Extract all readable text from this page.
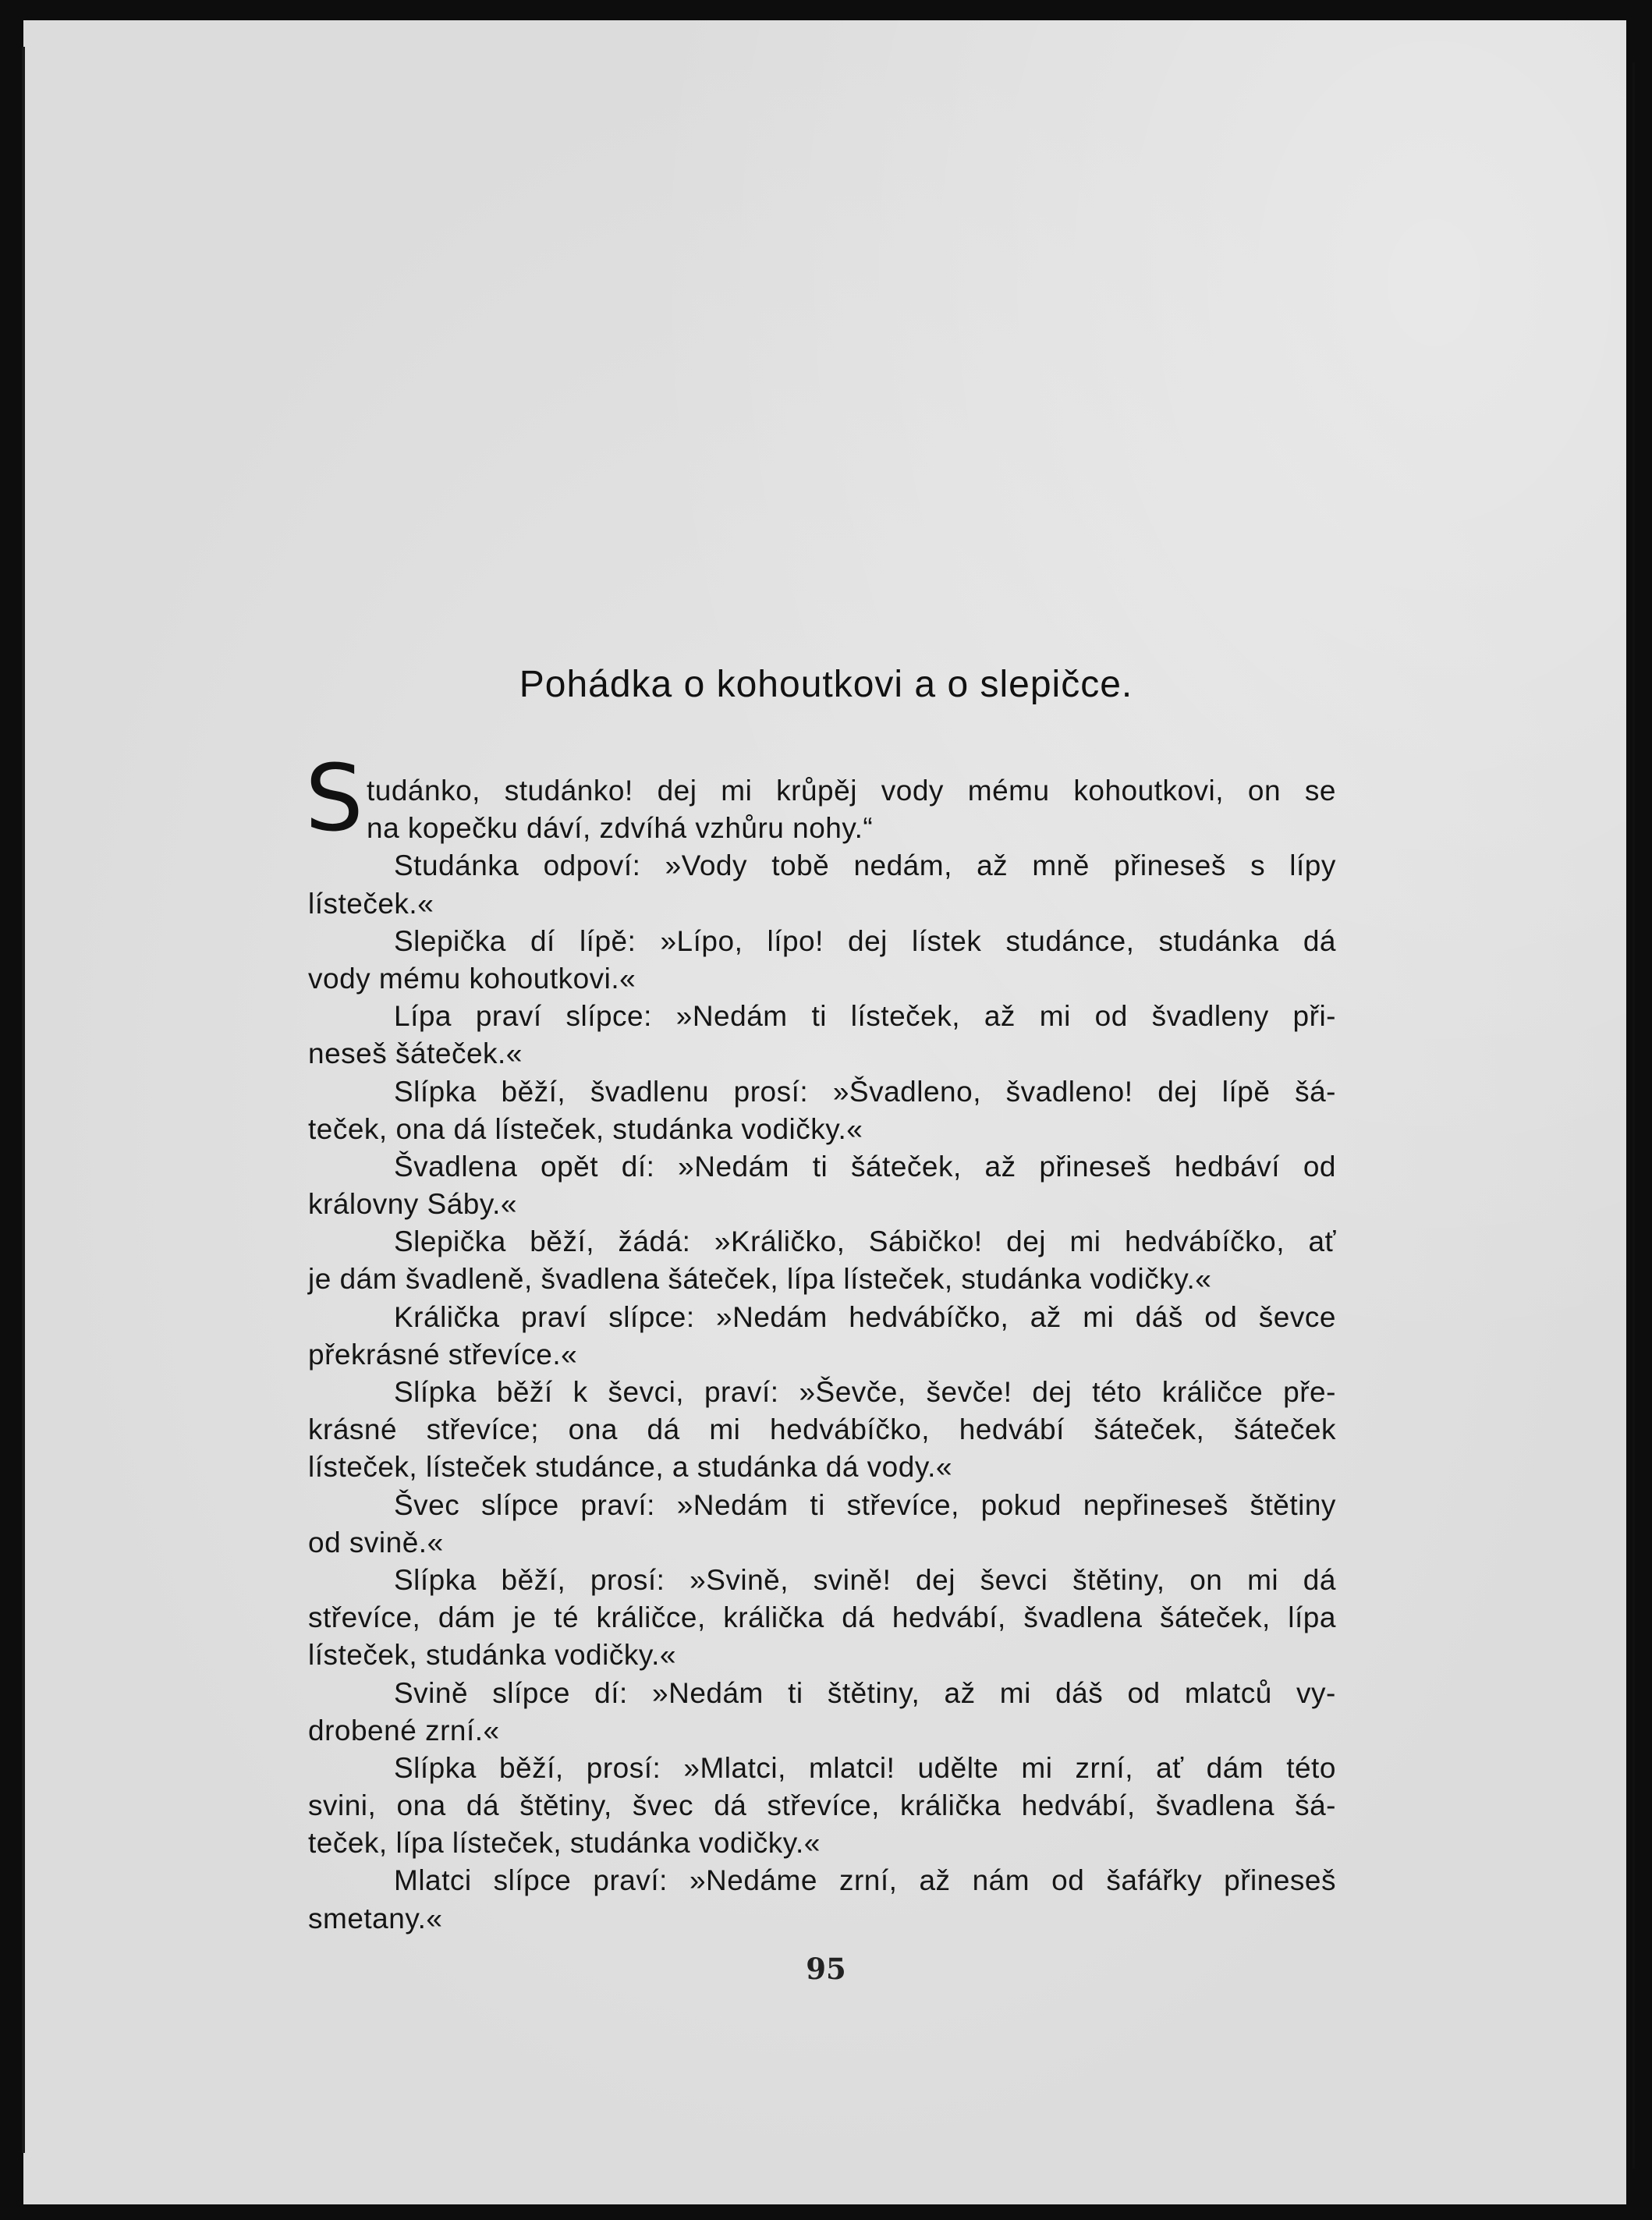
Pohádka o kohoutkovi a o slepičce.
S tudánko, studánko! dej mi krůpěj vody mému kohoutkovi, on se
na kopečku dáví, zdvíhá vzhůru nohy.“
Studánka odpoví: »Vody tobě nedám, až mně přineseš s lípy
lísteček.«
Slepička dí lípě: »Lípo, lípo! dej lístek studánce, studánka dá
vody mému kohoutkovi.«
Lípa praví slípce: »Nedám ti lísteček, až mi od švadleny při-
neseš šáteček.«
Slípka běží, švadlenu prosí: »Švadleno, švadleno! dej lípě šá-
teček, ona dá lísteček, studánka vodičky.«
Švadlena opět dí: »Nedám ti šáteček, až přineseš hedbáví od
královny Sáby.«
Slepička běží, žádá: »Králičko, Sábičko! dej mi hedvábíčko, ať
je dám švadleně, švadlena šáteček, lípa lísteček, studánka vodičky.«
Králička praví slípce: »Nedám hedvábíčko, až mi dáš od ševce
překrásné střevíce.«
Slípka běží k ševci, praví: »Ševče, ševče! dej této králičce pře-
krásné střevíce; ona dá mi hedvábíčko, hedvábí šáteček, šáteček
lísteček, lísteček studánce, a studánka dá vody.«
Švec slípce praví: »Nedám ti střevíce, pokud nepřineseš štětiny
od svině.«
Slípka běží, prosí: »Svině, svině! dej ševci štětiny, on mi dá
střevíce, dám je té králičce, králička dá hedvábí, švadlena šáteček, lípa
lísteček, studánka vodičky.«
Svině slípce dí: »Nedám ti štětiny, až mi dáš od mlatců vy-
drobené zrní.«
Slípka běží, prosí: »Mlatci, mlatci! udělte mi zrní, ať dám této
svini, ona dá štětiny, švec dá střevíce, králička hedvábí, švadlena šá-
teček, lípa lísteček, studánka vodičky.«
Mlatci slípce praví: »Nedáme zrní, až nám od šafářky přineseš
smetany.«
95
